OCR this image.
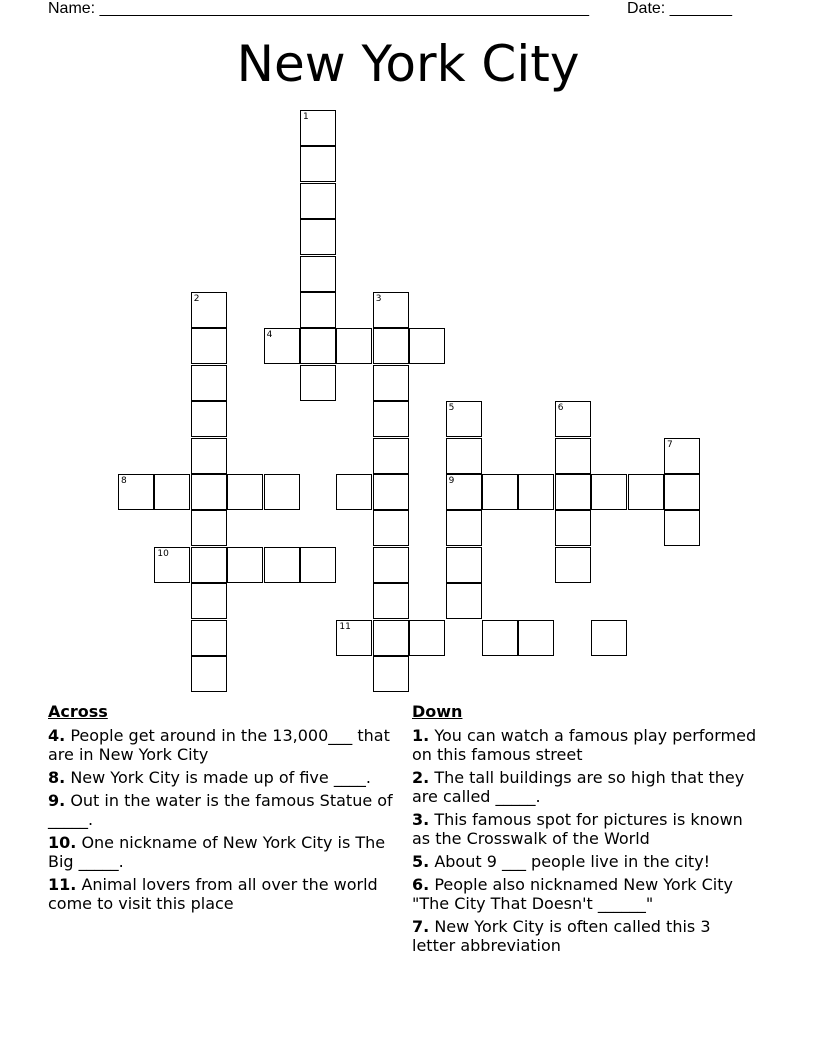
Name: _______________________________________________________ Date: _______
New York City
1
2	3
4
5
9
6
7
8
10
11
Across
4. People get around in the 13,000___ that are in New York City
8. New York City is made up of five ____.
9. Out in the water is the famous Statue of _____.
10. One nickname of New York City is The Big _____.
11. Animal lovers from all over the world come to visit this place
Down
1. You can watch a famous play performed on this famous street
2. The tall buildings are so high that they are called _____.
3. This famous spot for pictures is known as the Crosswalk of the World
5. About 9 ___ people live in the city!
6. People also nicknamed New York City "The City That Doesn't ______"
7. New York City is often called this 3 letter abbreviation
